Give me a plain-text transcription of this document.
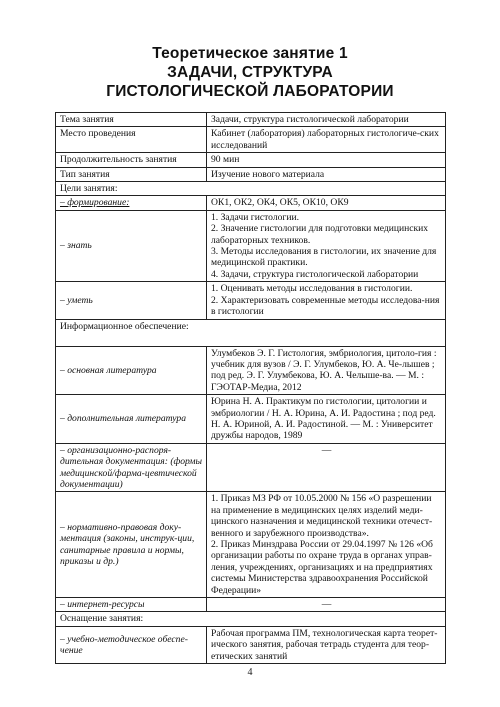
Теоретическое занятие 1
ЗАДАЧИ, СТРУКТУРА
ГИСТОЛОГИЧЕСКОЙ ЛАБОРАТОРИИ
Тема занятия	Задачи, структура гистологической лаборатории
Место проведения	Кабинет (лаборатория) лабораторных гистологиче-ских исследований
Продолжительность занятия	90 мин
Тип занятия	Изучение нового материала
Цели занятия:	
– формирование:	ОК1, ОК2, ОК4, ОК5, ОК10, ОК9
– знать	1. Задачи гистологии.

2. Значение гистологии для подготовки медицинских лабораторных техников.

3. Методы исследования в гистологии, их значение для медицинской практики.

4. Задачи, структура гистологической лаборатории

– уметь	1. Оценивать методы исследования в гистологии.

2. Характеризовать современные методы исследова-ния в гистологии

Информационное обеспечение:	
– основная литература	Улумбеков Э. Г. Гистология, эмбриология, цитоло-гия : учебник для вузов / Э. Г. Улумбеков, Ю. А. Че-лышев ; под ред. Э. Г. Улумбекова, Ю. А. Челыше-ва. — М. : ГЭОТАР-Медиа, 2012
– дополнительная литература	Юрина Н. А. Практикум по гистологии, цитологии и эмбриологии / Н. А. Юрина, А. И. Радостина ; под ред. Н. А. Юриной, А. И. Радостиной. — М. : Университет дружбы народов, 1989
– организационно-распоря-дительная документация: (формы медицинской/фарма-цевтической документации)	—
– нормативно-правовая доку-ментация (законы, инструк-ции, санитарные правила и нормы, приказы и др.)	1. Приказ МЗ РФ от 10.05.2000 № 156 «О разрешении на применение в медицинских целях изделий меди-цинского назначения и медицинской техники отечест-венного и зарубежного производства».

2. Приказ Минздрава России от 29.04.1997 № 126 «Об организации работы по охране труда в органах управ-ления, учреждениях, организациях и на предприятиях системы Министерства здравоохранения Российской Федерации»

– интернет-ресурсы	—
Оснащение занятия:	
– учебно-методическое обеспе-чение	Рабочая программа ПМ, технологическая карта теорет-ического занятия, рабочая тетрадь студента для теор-етических занятий
4
